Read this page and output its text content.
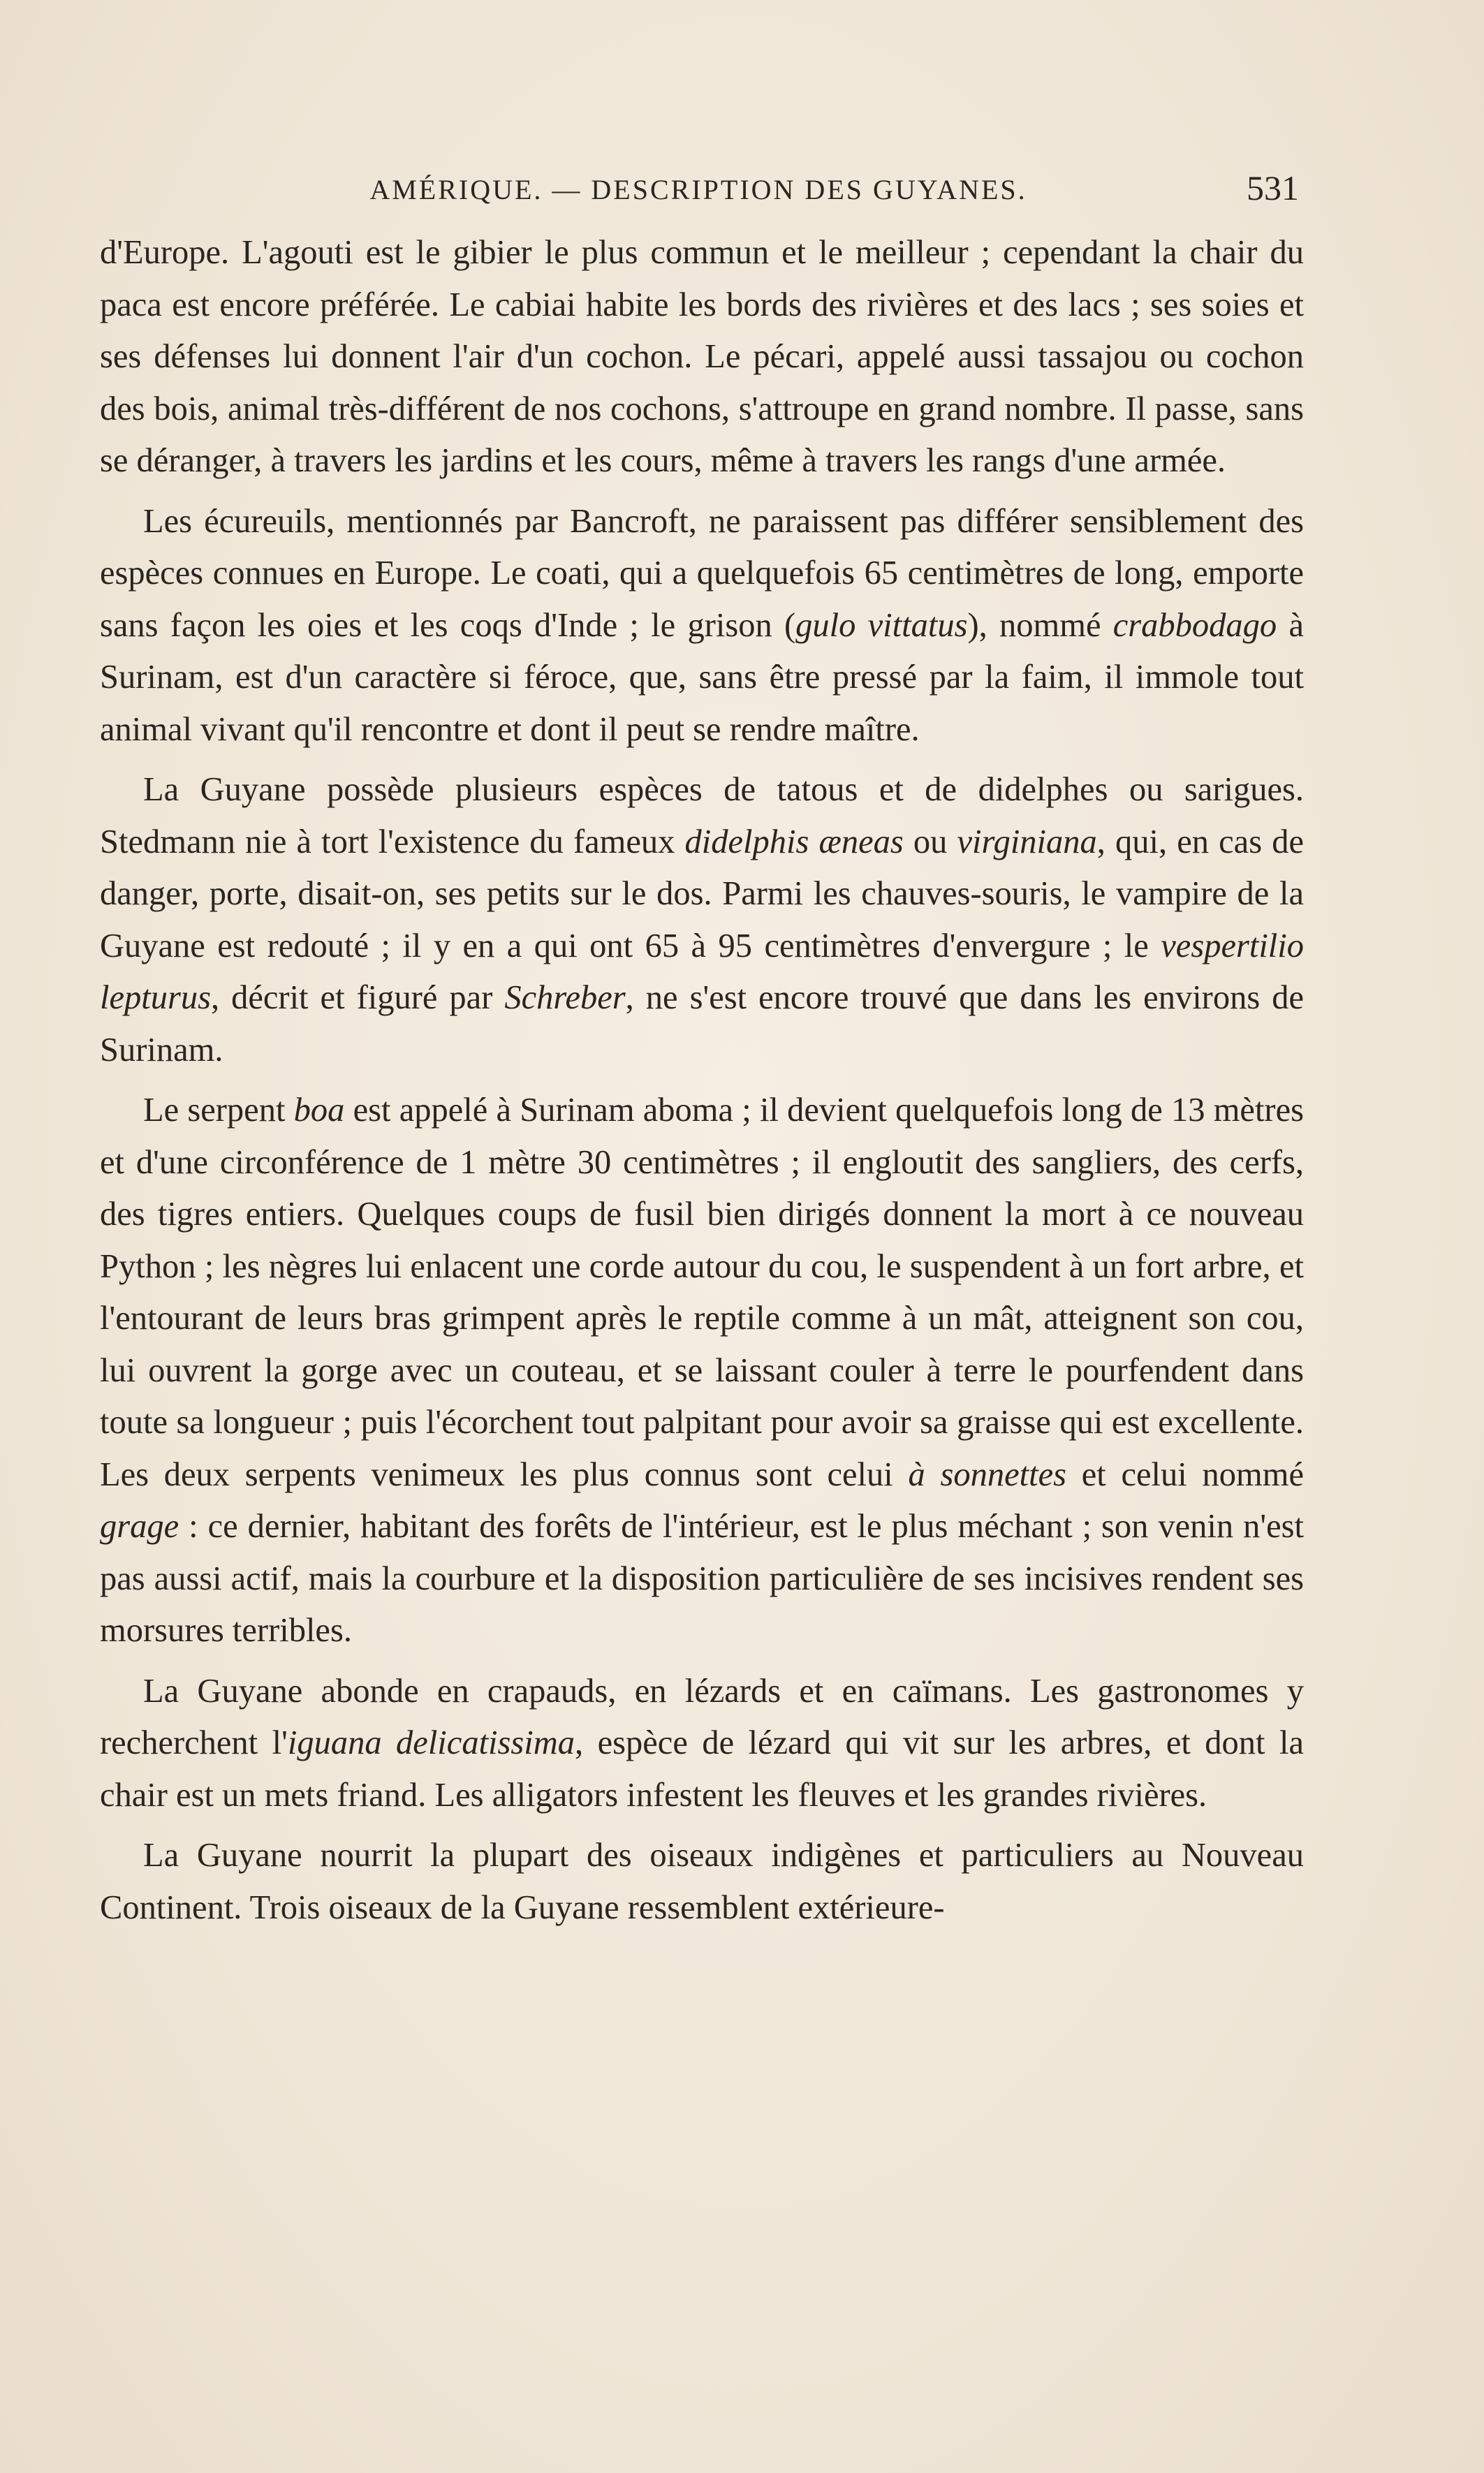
AMÉRIQUE. — DESCRIPTION DES GUYANES.	531

d'Europe. L'agouti est le gibier le plus commun et le meilleur ; cependant la chair du paca est encore préférée. Le cabiai habite les bords des rivières et des lacs ; ses soies et ses défenses lui donnent l'air d'un cochon. Le pécari, appelé aussi tassajou ou cochon des bois, animal très-différent de nos cochons, s'attroupe en grand nombre. Il passe, sans se déranger, à travers les jardins et les cours, même à travers les rangs d'une armée.

Les écureuils, mentionnés par Bancroft, ne paraissent pas différer sensiblement des espèces connues en Europe. Le coati, qui a quelquefois 65 centimètres de long, emporte sans façon les oies et les coqs d'Inde ; le grison (gulo vittatus), nommé crabbodago à Surinam, est d'un caractère si féroce, que, sans être pressé par la faim, il immole tout animal vivant qu'il rencontre et dont il peut se rendre maître.

La Guyane possède plusieurs espèces de tatous et de didelphes ou sarigues. Stedmann nie à tort l'existence du fameux didelphis æneas ou virginiana, qui, en cas de danger, porte, disait-on, ses petits sur le dos. Parmi les chauves-souris, le vampire de la Guyane est redouté ; il y en a qui ont 65 à 95 centimètres d'envergure ; le vespertilio lepturus, décrit et figuré par Schreber, ne s'est encore trouvé que dans les environs de Surinam.

Le serpent boa est appelé à Surinam aboma ; il devient quelquefois long de 13 mètres et d'une circonférence de 1 mètre 30 centimètres ; il engloutit des sangliers, des cerfs, des tigres entiers. Quelques coups de fusil bien dirigés donnent la mort à ce nouveau Python ; les nègres lui enlacent une corde autour du cou, le suspendent à un fort arbre, et l'entourant de leurs bras grimpent après le reptile comme à un mât, atteignent son cou, lui ouvrent la gorge avec un couteau, et se laissant couler à terre le pourfendent dans toute sa longueur ; puis l'écorchent tout palpitant pour avoir sa graisse qui est excellente. Les deux serpents venimeux les plus connus sont celui à sonnettes et celui nommé grage : ce dernier, habitant des forêts de l'intérieur, est le plus méchant ; son venin n'est pas aussi actif, mais la courbure et la disposition particulière de ses incisives rendent ses morsures terribles.

La Guyane abonde en crapauds, en lézards et en caïmans. Les gastronomes y recherchent l'iguana delicatissima, espèce de lézard qui vit sur les arbres, et dont la chair est un mets friand. Les alligators infestent les fleuves et les grandes rivières.

La Guyane nourrit la plupart des oiseaux indigènes et particuliers au Nouveau Continent. Trois oiseaux de la Guyane ressemblent extérieure-
